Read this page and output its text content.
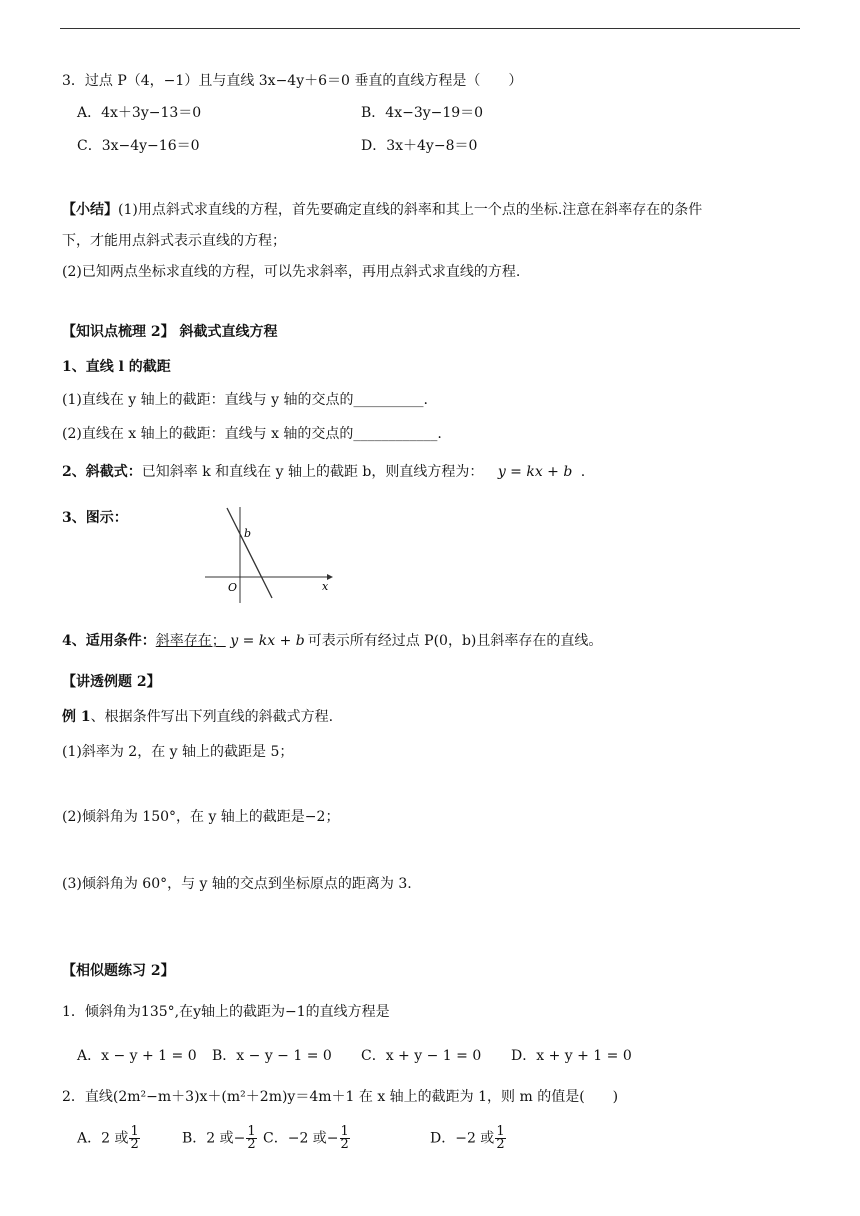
3．过点 P（4，−1）且与直线 3x−4y＋6＝0 垂直的直线方程是（　　）
A．4x＋3y−13＝0	B．4x−3y−19＝0
C．3x−4y−16＝0	D．3x＋4y−8＝0
【小结】(1)用点斜式求直线的方程，首先要确定直线的斜率和其上一个点的坐标.注意在斜率存在的条件
下，才能用点斜式表示直线的方程；
(2)已知两点坐标求直线的方程，可以先求斜率，再用点斜式求直线的方程.
【知识点梳理 2】 斜截式直线方程
1、直线 l 的截距
(1)直线在 y 轴上的截距：直线与 y 轴的交点的__________.
(2)直线在 x 轴上的截距：直线与 x 轴的交点的____________.
2、斜截式：已知斜率 k 和直线在 y 轴上的截距 b，则直线方程为： y = kx + b .
3、图示：
b
O	x
4、适用条件：斜率存在； y = kx + b 可表示所有经过点 P(0，b)且斜率存在的直线。
【讲透例题 2】
例 1、根据条件写出下列直线的斜截式方程.
(1)斜率为 2，在 y 轴上的截距是 5；
(2)倾斜角为 150°，在 y 轴上的截距是−2；
(3)倾斜角为 60°，与 y 轴的交点到坐标原点的距离为 3.
【相似题练习 2】
1．倾斜角为135°,在y轴上的截距为−1的直线方程是
A．x − y + 1 = 0 B．x − y − 1 = 0 C．x + y − 1 = 0 D．x + y + 1 = 0
2．直线(2m²−m＋3)x＋(m²＋2m)y＝4m＋1 在 x 轴上的截距为 1，则 m 的值是(　　)
A．2 或 $\frac{1}{2}$	B．2 或− $\frac{1}{2}$ C．−2 或− $\frac{1}{2}$	D．−2 或 $\frac{1}{2}$
